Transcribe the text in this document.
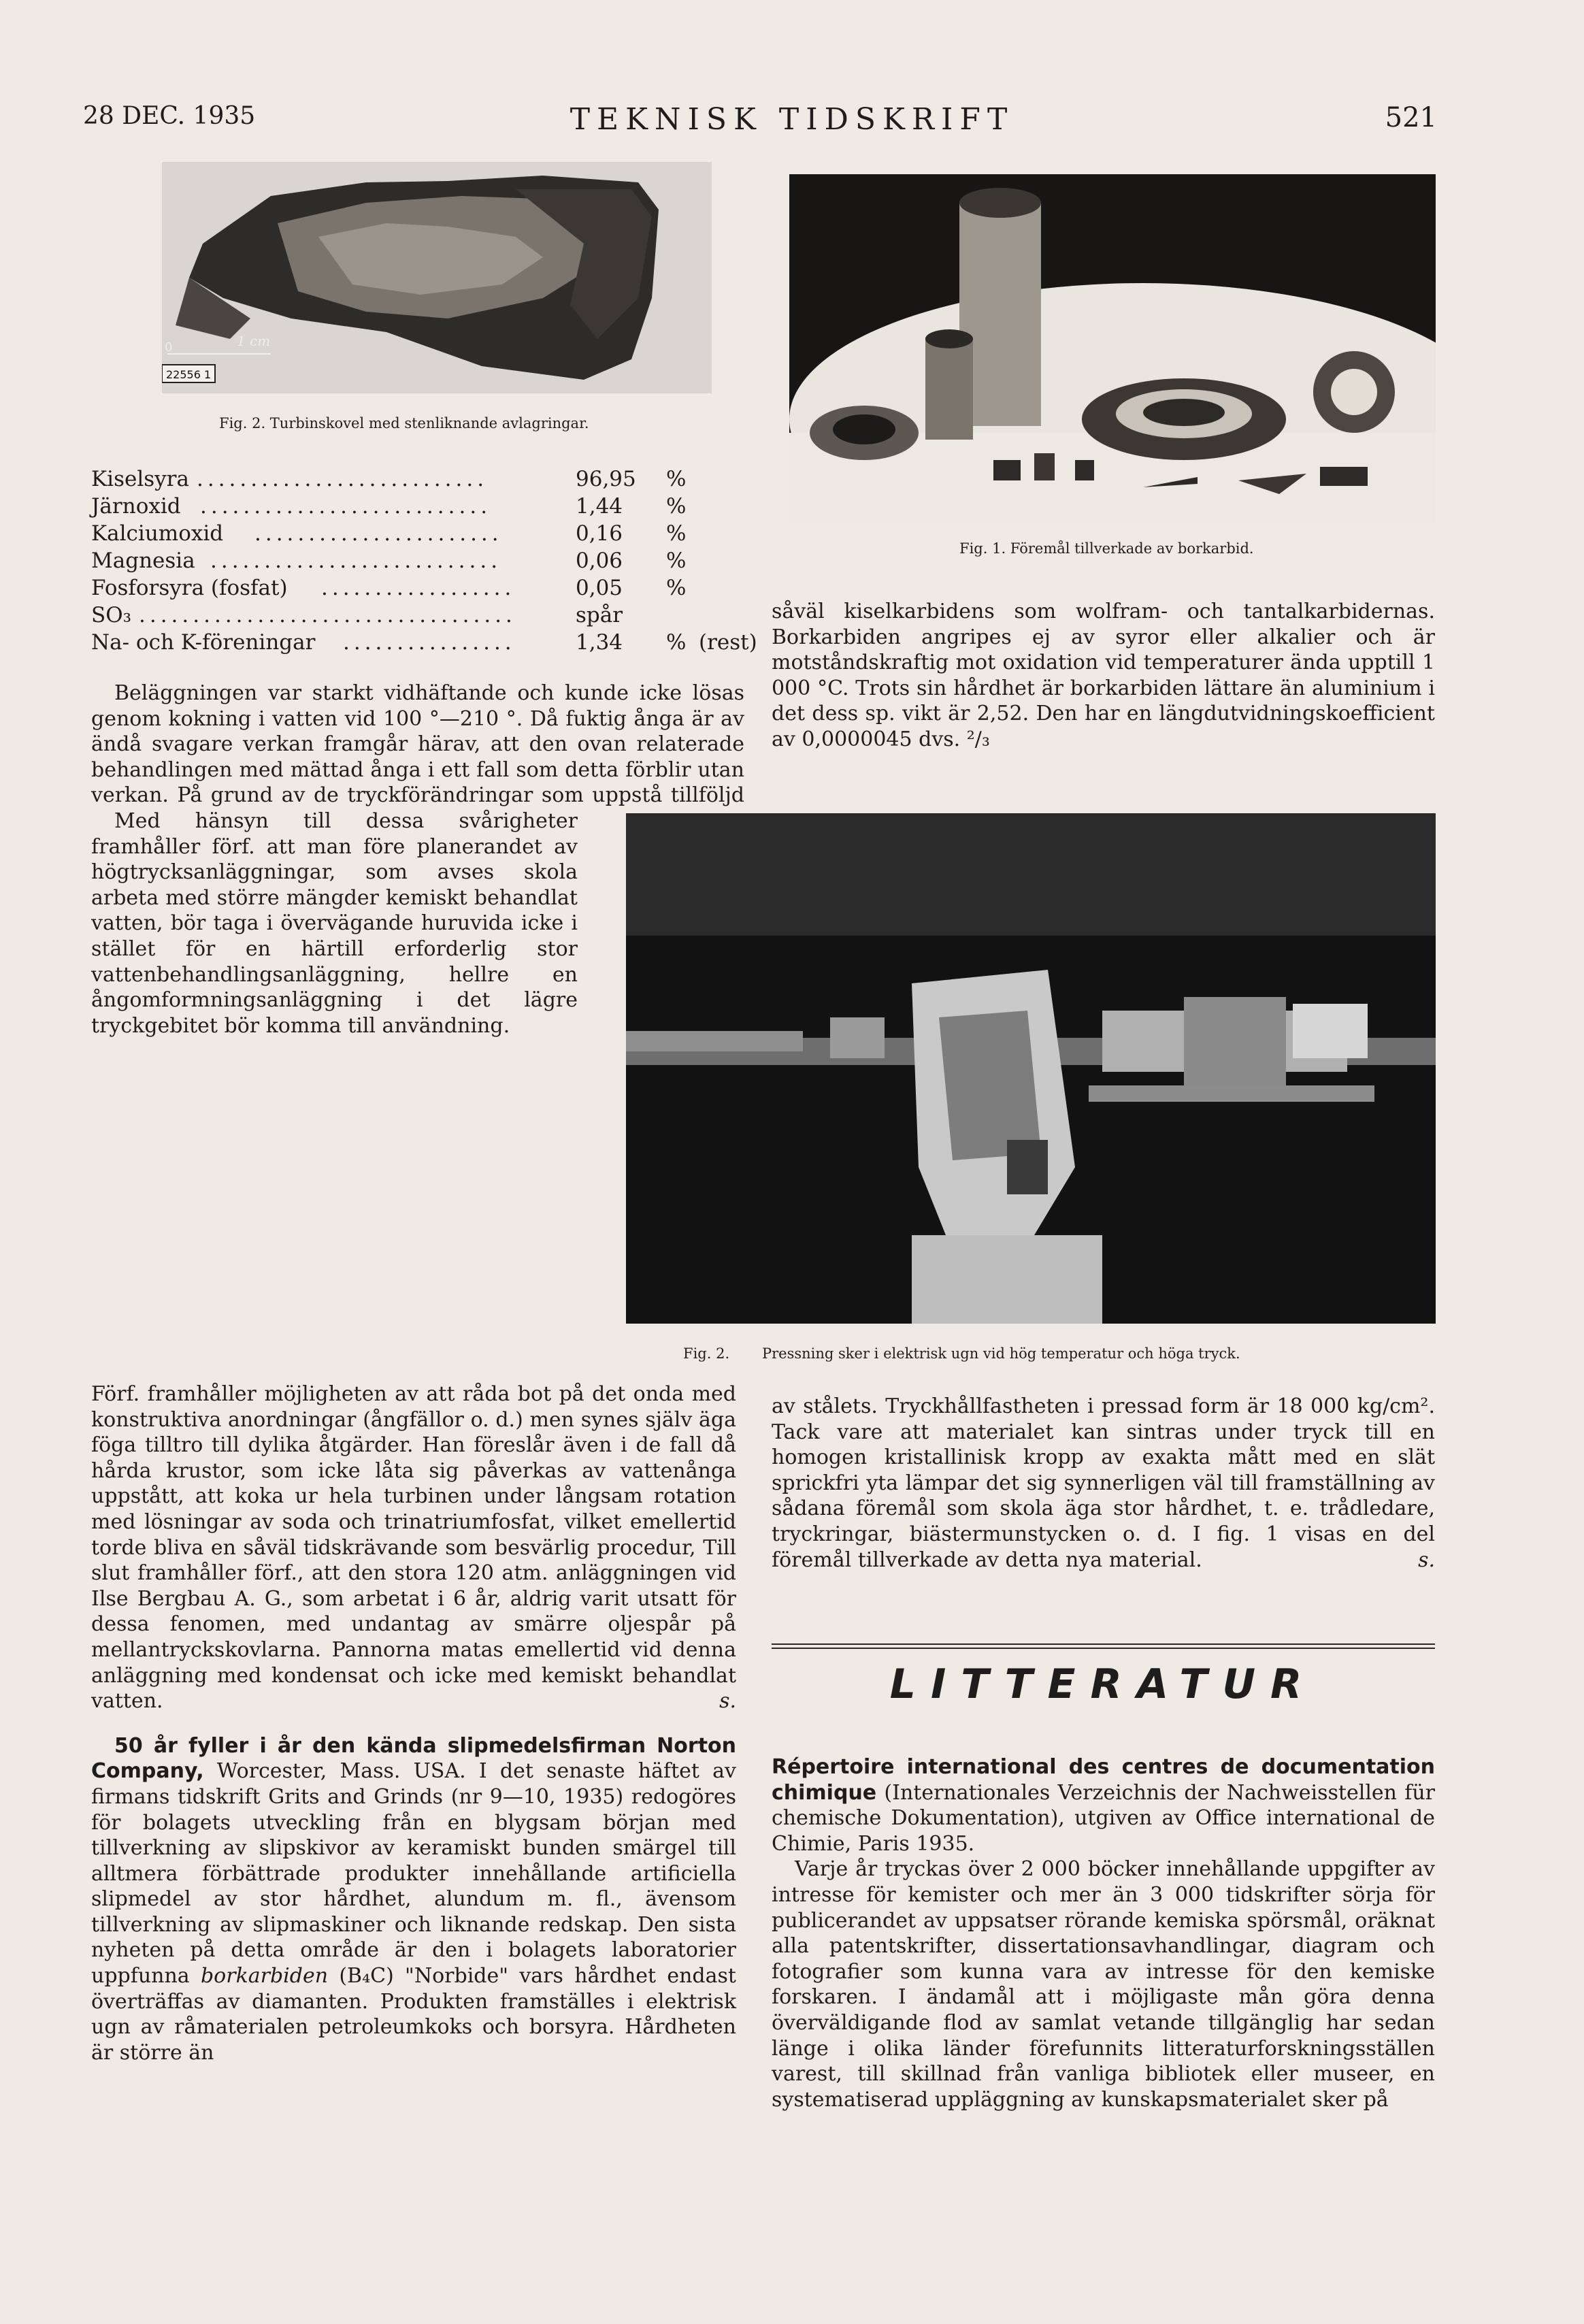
28 DEC. 1935	TEKNISK TIDSKRIFT	521
0	1 cm
22556 1
Fig. 2. Turbinskovel med stenliknande avlagringar.
Kiselsyra ...........................	96,95 %
Järnoxid ...........................	1,44 %
Kalciumoxid .......................	0,16 %
Magnesia ...........................	0,06 %
Fosforsyra (fosfat) ..................	0,05 %
SO₃ ...................................	spår
Na- och K-föreningar ................	1,34 % (rest)

Beläggningen var starkt vidhäftande och kunde icke lösas genom kokning i vatten vid 100 °—210 °. Då fuktig ånga är av ändå svagare verkan framgår härav, att den ovan relaterade behandlingen med mättad ånga i ett fall som detta förblir utan verkan. På grund av de tryckförändringar som uppstå tillföljd

Med hänsyn till dessa svårigheter framhåller förf. att man före planerandet av högtrycksanläggningar, som avses skola arbeta med större mängder kemiskt behandlat vatten, bör taga i övervägande huruvida icke i stället för en härtill erforderlig stor vattenbehandlingsanläggning, hellre en ångomformningsanläggning i det lägre tryckgebitet bör komma till användning.

Förf. framhåller möjligheten av att råda bot på det onda med konstruktiva anordningar (ångfällor o. d.) men synes själv äga föga tilltro till dylika åtgärder. Han föreslår även i de fall då hårda krustor, som icke låta sig påverkas av vattenånga uppstått, att koka ur hela turbinen under långsam rotation med lösningar av soda och trinatriumfosfat, vilket emellertid torde bliva en såväl tidskrävande som besvärlig procedur, Till slut framhåller förf., att den stora 120 atm. anläggningen vid Ilse Bergbau A. G., som arbetat i 6 år, aldrig varit utsatt för dessa fenomen, med undantag av smärre oljespår på mellantryckskovlarna. Pannorna matas emellertid vid denna anläggning med kondensat och icke med kemiskt behandlat vatten.	s.

50 år fyller i år den kända slipmedelsfirman Norton Company, Worcester, Mass. USA. I det senaste häftet av firmans tidskrift Grits and Grinds (nr 9—10, 1935) redogöres för bolagets utveckling från en blygsam början med tillverkning av slipskivor av keramiskt bunden smärgel till alltmera förbättrade produkter innehållande artificiella slipmedel av stor hårdhet, alundum m. fl., ävensom tillverkning av slipmaskiner och liknande redskap. Den sista nyheten på detta område är den i bolagets laboratorier uppfunna borkarbiden (B₄C) "Norbide" vars hårdhet endast överträffas av diamanten. Produkten framställes i elektrisk ugn av råmaterialen petroleumkoks och borsyra. Hårdheten är större än

Fig. 1. Föremål tillverkade av borkarbid.

såväl kiselkarbidens som wolfram- och tantalkarbidernas. Borkarbiden angripes ej av syror eller alkalier och är motståndskraftig mot oxidation vid temperaturer ända upptill 1 000 °C. Trots sin hårdhet är borkarbiden lättare än aluminium i det dess sp. vikt är 2,52. Den har en längdutvidningskoefficient av 0,0000045 dvs. ²/₃

Fig. 2. Pressning sker i elektrisk ugn vid hög temperatur och höga tryck.

av stålets. Tryckhållfastheten i pressad form är 18 000 kg/cm². Tack vare att materialet kan sintras under tryck till en homogen kristallinisk kropp av exakta mått med en slät sprickfri yta lämpar det sig synnerligen väl till framställning av sådana föremål som skola äga stor hårdhet, t. e. trådledare, tryckringar, biästermunstycken o. d. I fig. 1 visas en del föremål tillverkade av detta nya material.	s.

LITTERATUR

Répertoire international des centres de documentation chimique (Internationales Verzeichnis der Nachweisstellen für chemische Dokumentation), utgiven av Office international de Chimie, Paris 1935.

Varje år tryckas över 2 000 böcker innehållande uppgifter av intresse för kemister och mer än 3 000 tidskrifter sörja för publicerandet av uppsatser rörande kemiska spörsmål, oräknat alla patentskrifter, dissertationsavhandlingar, diagram och fotografier som kunna vara av intresse för den kemiske forskaren. I ändamål att i möjligaste mån göra denna överväldigande flod av samlat vetande tillgänglig har sedan länge i olika länder förefunnits litteraturforskningsställen varest, till skillnad från vanliga bibliotek eller museer, en systematiserad uppläggning av kunskapsmaterialet sker på
